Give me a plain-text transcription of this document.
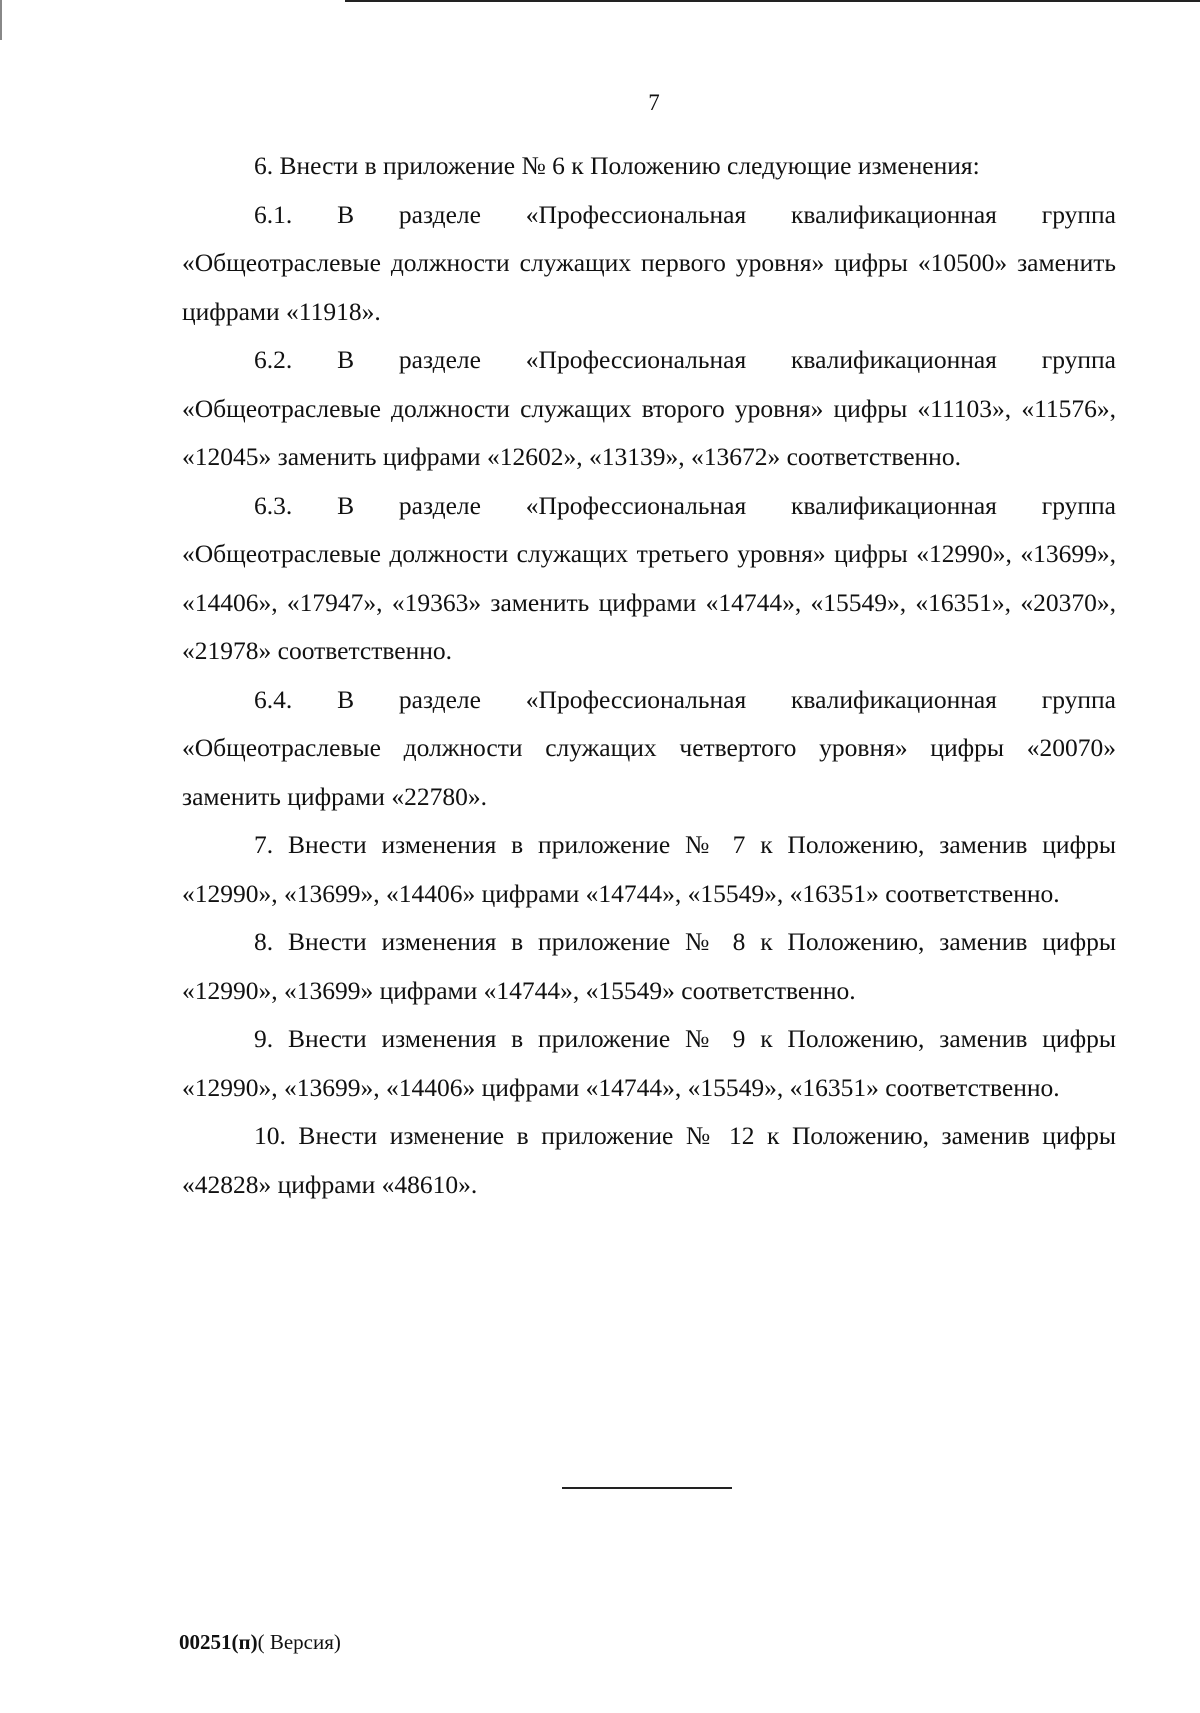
7

6. Внести в приложение № 6 к Положению следующие изменения:

6.1. В разделе «Профессиональная квалификационная группа «Общеотраслевые должности служащих первого уровня» цифры «10500» заменить цифрами «11918».

6.2. В разделе «Профессиональная квалификационная группа «Общеотраслевые должности служащих второго уровня» цифры «11103», «11576», «12045» заменить цифрами «12602», «13139», «13672» соответственно.

6.3. В разделе «Профессиональная квалификационная группа «Общеотраслевые должности служащих третьего уровня» цифры «12990», «13699», «14406», «17947», «19363» заменить цифрами «14744», «15549», «16351», «20370», «21978» соответственно.

6.4. В разделе «Профессиональная квалификационная группа «Общеотраслевые должности служащих четвертого уровня» цифры «20070» заменить цифрами «22780».

7. Внести изменения в приложение № 7 к Положению, заменив цифры «12990», «13699», «14406» цифрами «14744», «15549», «16351» соответственно.

8. Внести изменения в приложение № 8 к Положению, заменив цифры «12990», «13699» цифрами «14744», «15549» соответственно.

9. Внести изменения в приложение № 9 к Положению, заменив цифры «12990», «13699», «14406» цифрами «14744», «15549», «16351» соответственно.

10. Внести изменение в приложение № 12 к Положению, заменив цифры «42828» цифрами «48610».

00251(п)( Версия)
